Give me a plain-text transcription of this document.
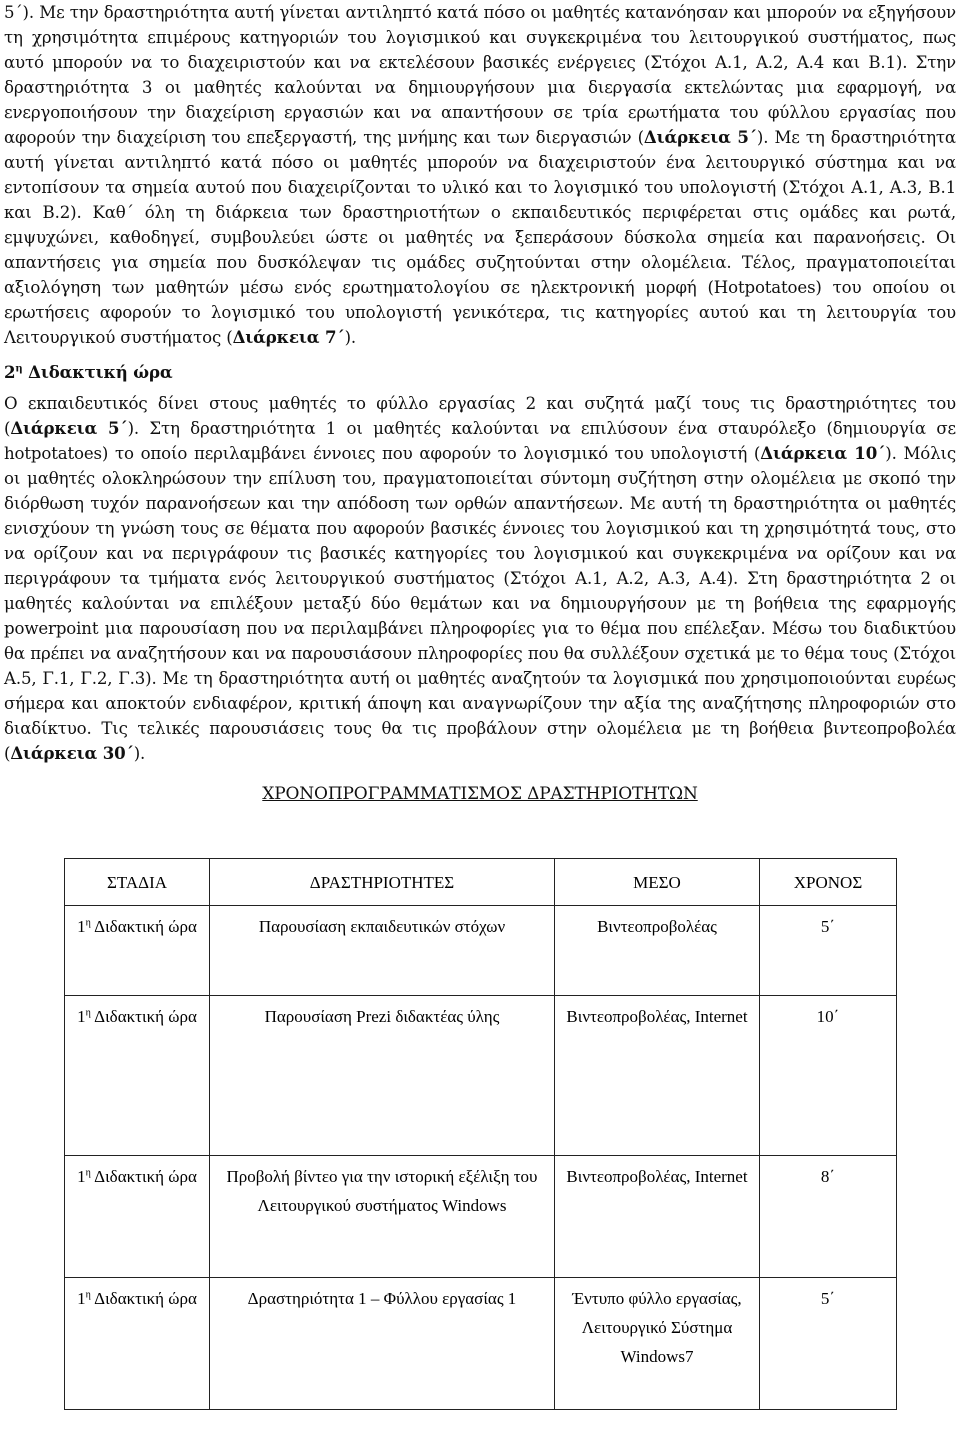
5΄). Με την δραστηριότητα αυτή γίνεται αντιληπτό κατά πόσο οι μαθητές κατανόησαν και μπορούν να εξηγήσουν τη χρησιμότητα επιμέρους κατηγοριών του λογισμικού και συγκεκριμένα του λειτουργικού συστήματος, πως αυτό μπορούν να το διαχειριστούν και να εκτελέσουν βασικές ενέργειες (Στόχοι Α.1, Α.2, Α.4 και Β.1). Στην δραστηριότητα 3 οι μαθητές καλούνται να δημιουργήσουν μια διεργασία εκτελώντας μια εφαρμογή, να ενεργοποιήσουν την διαχείριση εργασιών και να απαντήσουν σε τρία ερωτήματα του φύλλου εργασίας που αφορούν την διαχείριση του επεξεργαστή, της μνήμης και των διεργασιών (Διάρκεια 5΄). Με τη δραστηριότητα αυτή γίνεται αντιληπτό κατά πόσο οι μαθητές μπορούν να διαχειριστούν ένα λειτουργικό σύστημα και να εντοπίσουν τα σημεία αυτού που διαχειρίζονται το υλικό και το λογισμικό του υπολογιστή (Στόχοι Α.1, Α.3, Β.1 και Β.2). Καθ΄ όλη τη διάρκεια των δραστηριοτήτων ο εκπαιδευτικός περιφέρεται στις ομάδες και ρωτά, εμψυχώνει, καθοδηγεί, συμβουλεύει ώστε οι μαθητές να ξεπεράσουν δύσκολα σημεία και παρανοήσεις. Οι απαντήσεις για σημεία που δυσκόλεψαν τις ομάδες συζητούνται στην ολομέλεια. Τέλος, πραγματοποιείται αξιολόγηση των μαθητών μέσω ενός ερωτηματολογίου σε ηλεκτρονική μορφή (Hotpotatoes) του οποίου οι ερωτήσεις αφορούν το λογισμικό του υπολογιστή γενικότερα, τις κατηγορίες αυτού και τη λειτουργία του Λειτουργικού συστήματος (Διάρκεια 7΄).

$2^\eta$ Διδακτική ώρα

Ο εκπαιδευτικός δίνει στους μαθητές το φύλλο εργασίας 2 και συζητά μαζί τους τις δραστηριότητες του (Διάρκεια 5΄). Στη δραστηριότητα 1 οι μαθητές καλούνται να επιλύσουν ένα σταυρόλεξο (δημιουργία σε hotpotatoes) το οποίο περιλαμβάνει έννοιες που αφορούν το λογισμικό του υπολογιστή (Διάρκεια 10΄). Μόλις οι μαθητές ολοκληρώσουν την επίλυση του, πραγματοποιείται σύντομη συζήτηση στην ολομέλεια με σκοπό την διόρθωση τυχόν παρανοήσεων και την απόδοση των ορθών απαντήσεων. Με αυτή τη δραστηριότητα οι μαθητές ενισχύουν τη γνώση τους σε θέματα που αφορούν βασικές έννοιες του λογισμικού και τη χρησιμότητά τους, στο να ορίζουν και να περιγράφουν τις βασικές κατηγορίες του λογισμικού και συγκεκριμένα να ορίζουν και να περιγράφουν τα τμήματα ενός λειτουργικού συστήματος (Στόχοι Α.1, Α.2, Α.3, Α.4). Στη δραστηριότητα 2 οι μαθητές καλούνται να επιλέξουν μεταξύ δύο θεμάτων και να δημιουργήσουν με τη βοήθεια της εφαρμογής powerpoint μια παρουσίαση που να περιλαμβάνει πληροφορίες για το θέμα που επέλεξαν. Μέσω του διαδικτύου θα πρέπει να αναζητήσουν και να παρουσιάσουν πληροφορίες που θα συλλέξουν σχετικά με το θέμα τους (Στόχοι Α.5, Γ.1, Γ.2, Γ.3). Με τη δραστηριότητα αυτή οι μαθητές αναζητούν τα λογισμικά που χρησιμοποιούνται ευρέως σήμερα και αποκτούν ενδιαφέρον, κριτική άποψη και αναγνωρίζουν την αξία της αναζήτησης πληροφοριών στο διαδίκτυο. Τις τελικές παρουσιάσεις τους θα τις προβάλουν στην ολομέλεια με τη βοήθεια βιντεοπροβολέα (Διάρκεια 30΄).

ΧΡΟΝΟΠΡΟΓΡΑΜΜΑΤΙΣΜΟΣ ΔΡΑΣΤΗΡΙΟΤΗΤΩΝ

ΣΤΑΔΙΑ	ΔΡΑΣΤΗΡΙΟΤΗΤΕΣ	ΜΕΣΟ	ΧΡΟΝΟΣ
$1^\eta$ Διδακτική ώρα	Παρουσίαση εκπαιδευτικών στόχων	Βιντεοπροβολέας	5΄
$1^\eta$ Διδακτική ώρα	Παρουσίαση Prezi διδακτέας ύλης	Βιντεοπροβολέας, Internet	10΄
$1^\eta$ Διδακτική ώρα	Προβολή βίντεο για την ιστορική εξέλιξη του Λειτουργικού συστήματος Windows	Βιντεοπροβολέας, Internet	8΄
$1^\eta$ Διδακτική ώρα	Δραστηριότητα 1 – Φύλλου εργασίας 1	Έντυπο φύλλο εργασίας, Λειτουργικό Σύστημα Windows7	5΄
